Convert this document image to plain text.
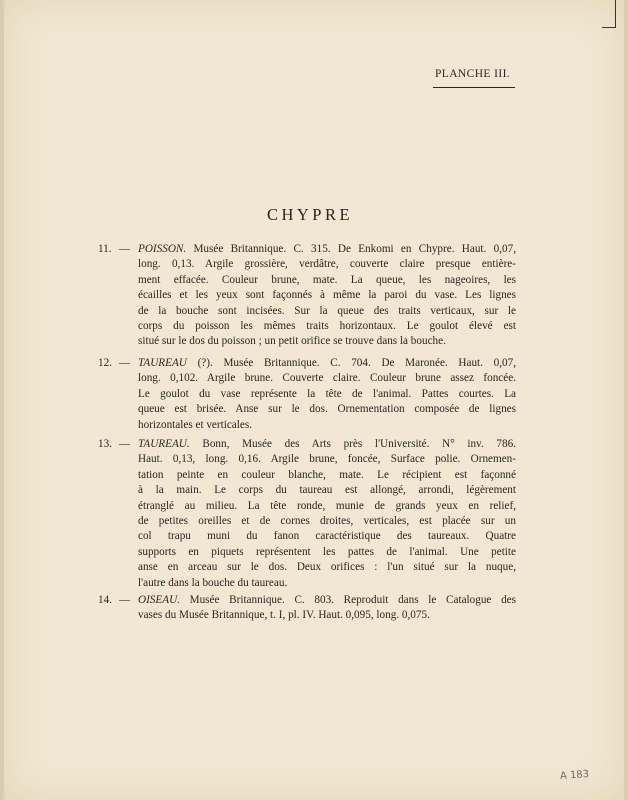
PLANCHE III.
CHYPRE
11. — POISSON. Musée Britannique. C. 315. De Enkomi en Chypre. Haut. 0,07,
long. 0,13. Argile grossière, verdâtre, couverte claire presque entière-
ment effacée. Couleur brune, mate. La queue, les nageoires, les
écailles et les yeux sont façonnés à même la paroi du vase. Les lignes
de la bouche sont incisées. Sur la queue des traits verticaux, sur le
corps du poisson les mêmes traits horizontaux. Le goulot élevé est
situé sur le dos du poisson ; un petit orifice se trouve dans la bouche.
12. — TAUREAU (?). Musée Britannique. C. 704. De Maronée. Haut. 0,07,
long. 0,102. Argile brune. Couverte claire. Couleur brune assez foncée.
Le goulot du vase représente la tête de l'animal. Pattes courtes. La
queue est brisée. Anse sur le dos. Ornementation composée de lignes
horizontales et verticales.
13. — TAUREAU. Bonn, Musée des Arts près l'Université. N° inv. 786.
Haut. 0,13, long. 0,16. Argile brune, foncée, Surface polie. Ornemen-
tation peinte en couleur blanche, mate. Le récipient est façonné
à la main. Le corps du taureau est allongé, arrondi, légèrement
étranglé au milieu. La tête ronde, munie de grands yeux en relief,
de petites oreilles et de cornes droites, verticales, est placée sur un
col trapu muni du fanon caractéristique des taureaux. Quatre
supports en piquets représentent les pattes de l'animal. Une petite
anse en arceau sur le dos. Deux orifices : l'un situé sur la nuque,
l'autre dans la bouche du taureau.
14. — OISEAU. Musée Britannique. C. 803. Reproduit dans le Catalogue des
vases du Musée Britannique, t. I, pl. IV. Haut. 0,095, long. 0,075.
A 183
